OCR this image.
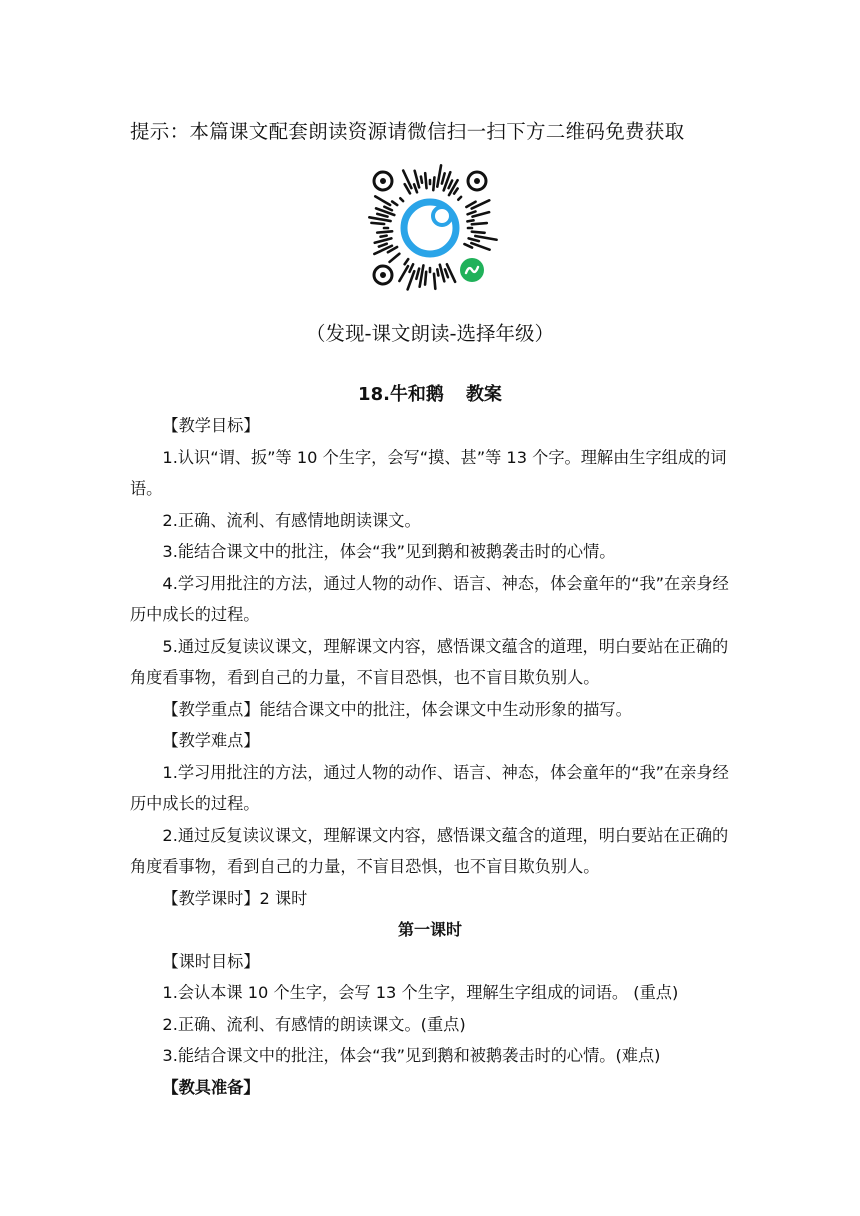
提示：本篇课文配套朗读资源请微信扫一扫下方二维码免费获取
（发现-课文朗读-选择年级）
18.牛和鹅 教案

【教学目标】

1.认识“谓、扳”等 10 个生字，会写“摸、甚”等 13 个字。理解由生字组成的词语。

2.正确、流利、有感情地朗读课文。

3.能结合课文中的批注，体会“我”见到鹅和被鹅袭击时的心情。

4.学习用批注的方法，通过人物的动作、语言、神态，体会童年的“我”在亲身经历中成长的过程。

5.通过反复读议课文，理解课文内容，感悟课文蕴含的道理，明白要站在正确的角度看事物，看到自己的力量，不盲目恐惧，也不盲目欺负别人。

【教学重点】能结合课文中的批注，体会课文中生动形象的描写。

【教学难点】

1.学习用批注的方法，通过人物的动作、语言、神态，体会童年的“我”在亲身经历中成长的过程。

2.通过反复读议课文，理解课文内容，感悟课文蕴含的道理，明白要站在正确的角度看事物，看到自己的力量，不盲目恐惧，也不盲目欺负别人。

【教学课时】2 课时

第一课时

【课时目标】

1.会认本课 10 个生字，会写 13 个生字，理解生字组成的词语。 (重点)

2.正确、流利、有感情的朗读课文。(重点)

3.能结合课文中的批注，体会“我”见到鹅和被鹅袭击时的心情。(难点)

【教具准备】
